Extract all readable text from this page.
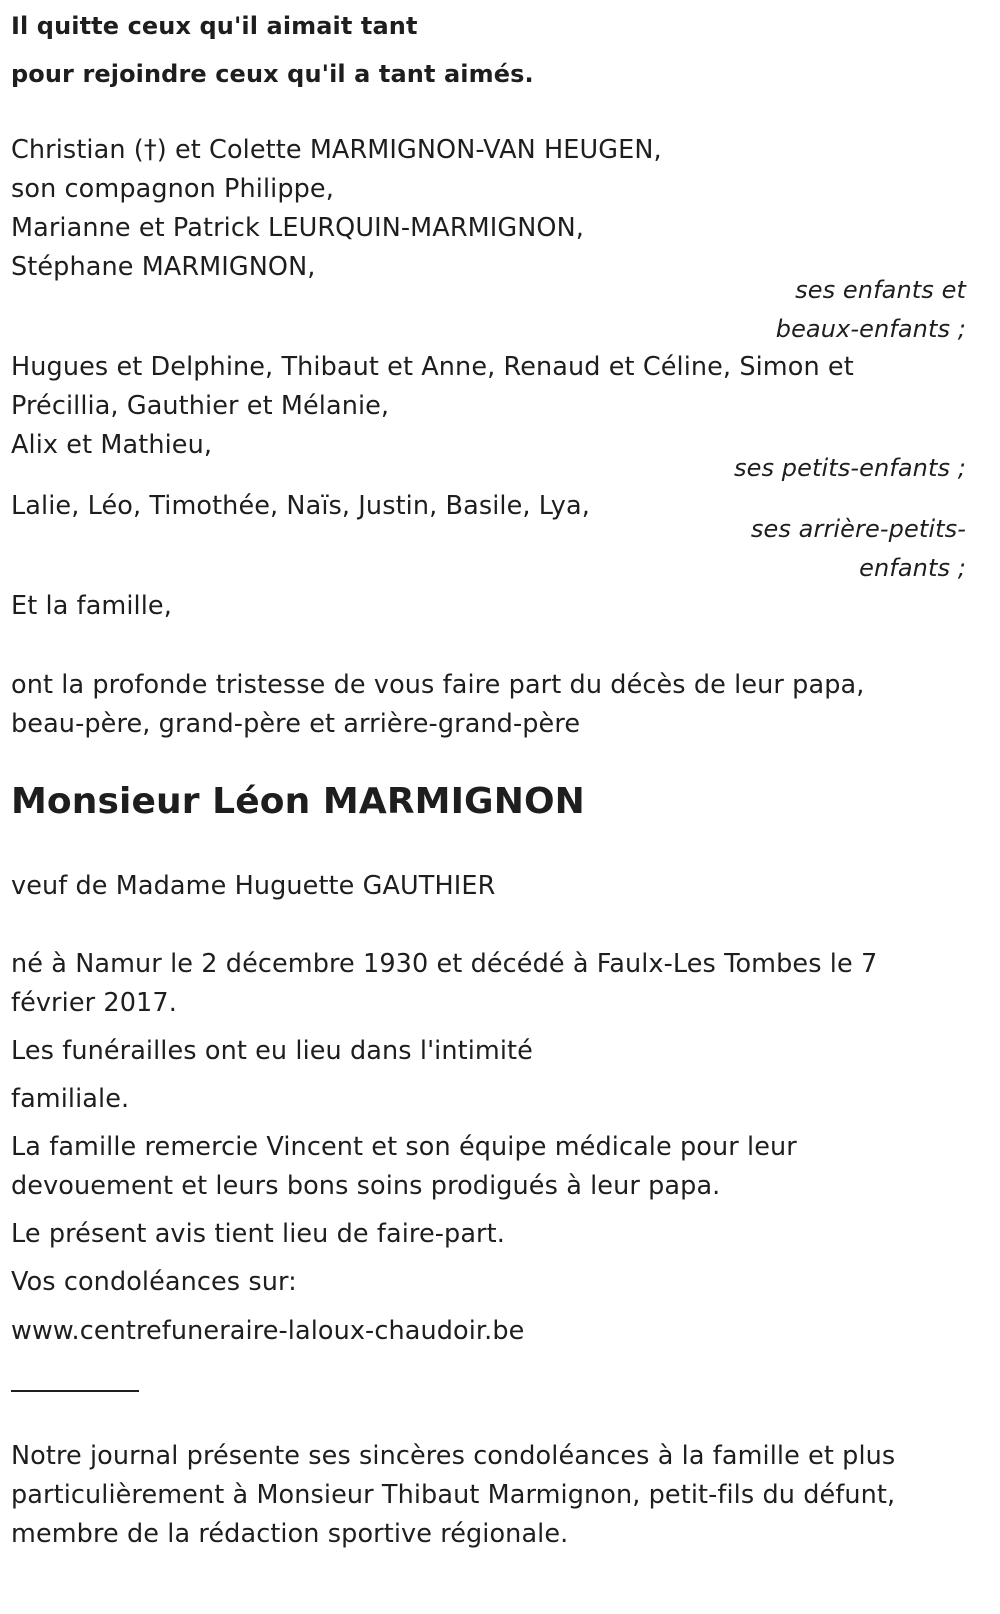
Il quitte ceux qu'il aimait tant
pour rejoindre ceux qu'il a tant aimés.
Christian (†) et Colette MARMIGNON-VAN HEUGEN,
son compagnon Philippe,
Marianne et Patrick LEURQUIN-MARMIGNON,
Stéphane MARMIGNON,
ses enfants et
beaux-enfants ;
Hugues et Delphine, Thibaut et Anne, Renaud et Céline, Simon et
Précillia, Gauthier et Mélanie,
Alix et Mathieu,
ses petits-enfants ;
Lalie, Léo, Timothée, Naïs, Justin, Basile, Lya,
ses arrière-petits-
enfants ;
Et la famille,
ont la profonde tristesse de vous faire part du décès de leur papa,
beau-père, grand-père et arrière-grand-père
Monsieur Léon MARMIGNON
veuf de Madame Huguette GAUTHIER
né à Namur le 2 décembre 1930 et décédé à Faulx-Les Tombes le 7
février 2017.
Les funérailles ont eu lieu dans l'intimité
familiale.
La famille remercie Vincent et son équipe médicale pour leur
devouement et leurs bons soins prodigués à leur papa.
Le présent avis tient lieu de faire-part.
Vos condoléances sur:
www.centrefuneraire-laloux-chaudoir.be
Notre journal présente ses sincères condoléances à la famille et plus
particulièrement à Monsieur Thibaut Marmignon, petit-fils du défunt,
membre de la rédaction sportive régionale.
